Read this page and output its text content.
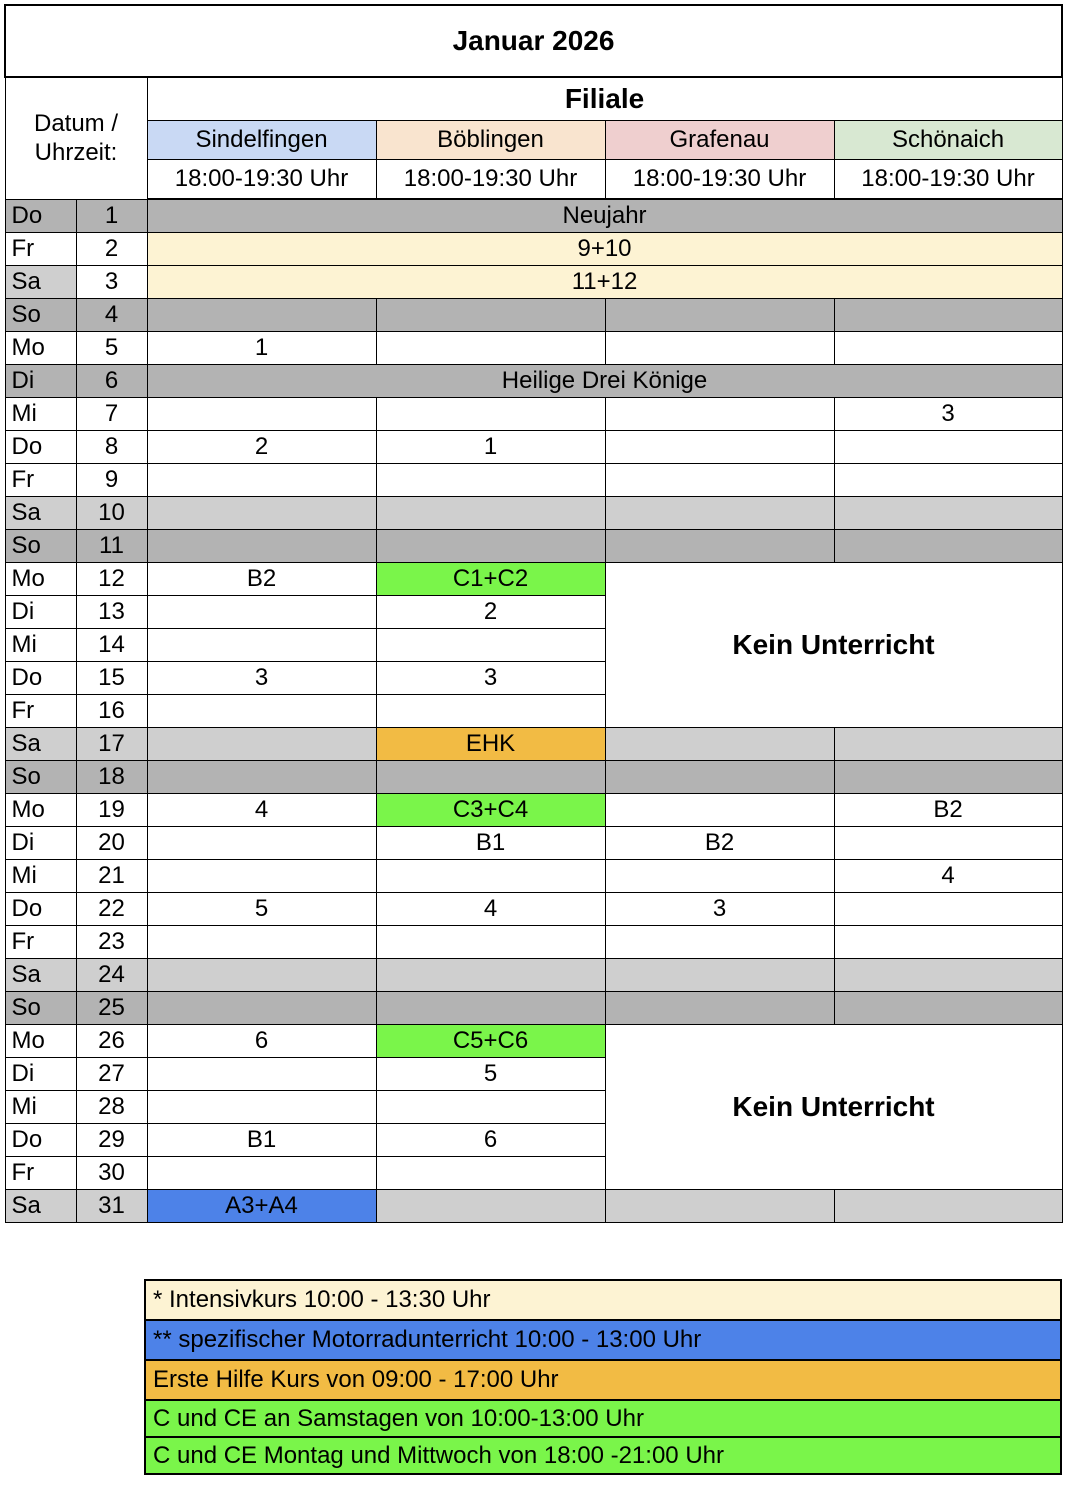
Januar 2026					

Datum /
Uhrzeit:		Filiale			
		Sindelfingen	Böblingen	Grafenau	Schönaich
		18:00-19:30 Uhr	18:00-19:30 Uhr	18:00-19:30 Uhr	18:00-19:30 Uhr
Do	1	Neujahr			
Fr	2	9+10			
Sa	3	11+12			
So	4				
Mo	5	1			
Di	6	Heilige Drei Könige			
Mi	7				3
Do	8	2	1		
Fr	9				
Sa	10				
So	11				
Mo	12	B2	C1+C2	Kein Unterricht	
Di	13		2		
Mi	14				
Do	15	3	3		
Fr	16				
Sa	17		EHK		
So	18				
Mo	19	4	C3+C4		B2
Di	20		B1	B2	
Mi	21				4
Do	22	5	4	3	
Fr	23				
Sa	24				
So	25				
Mo	26	6	C5+C6	Kein Unterricht	
Di	27		5		
Mi	28				
Do	29	B1	6		
Fr	30				
Sa	31	A3+A4			
* Intensivkurs 10:00 - 13:30 Uhr
** spezifischer Motorradunterricht 10:00 - 13:00 Uhr
Erste Hilfe Kurs von 09:00 - 17:00 Uhr
C und CE an Samstagen von 10:00-13:00 Uhr
C und CE Montag und Mittwoch von 18:00 -21:00 Uhr
